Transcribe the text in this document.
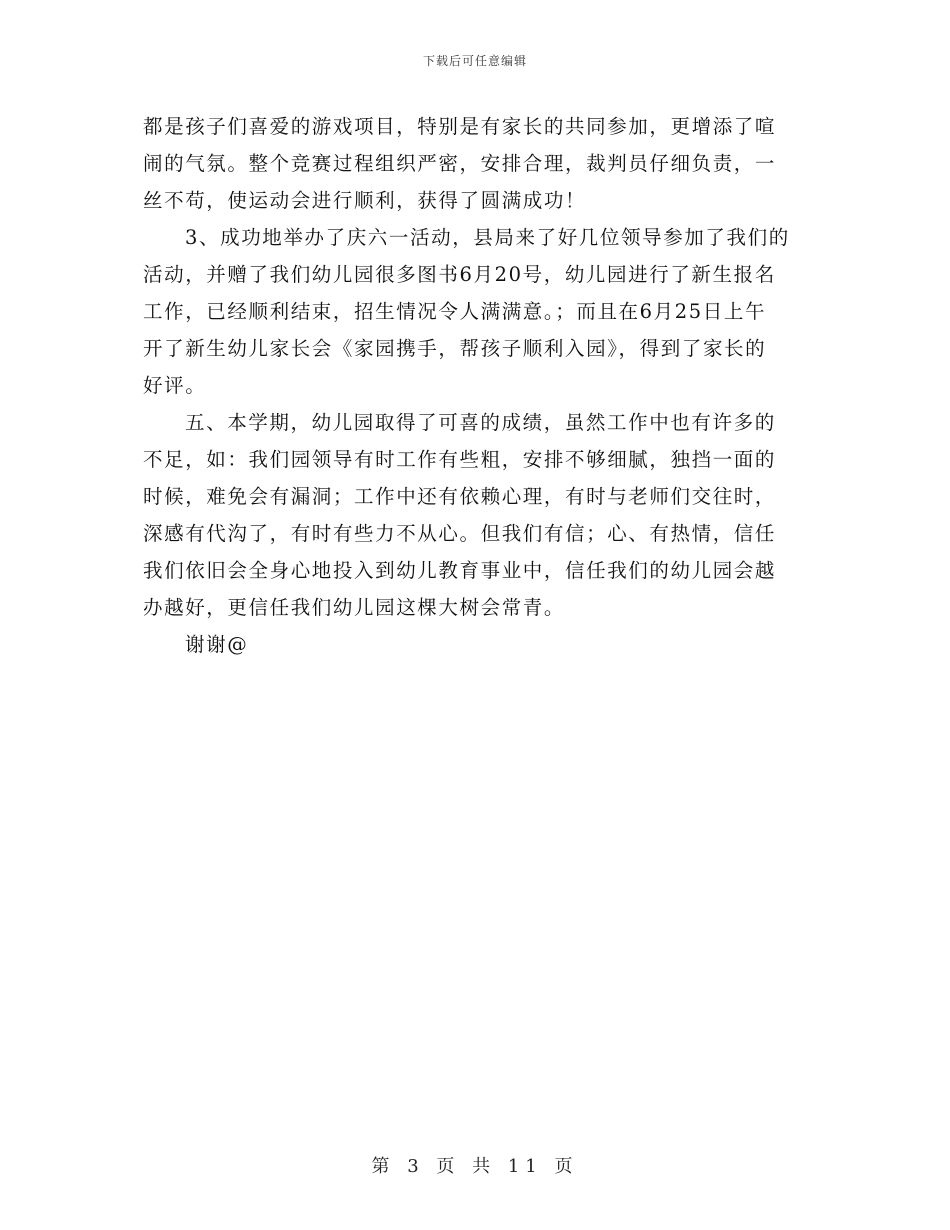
下载后可任意编辑
都是孩子们喜爱的游戏项目，特别是有家长的共同参加，更增添了喧
闹的气氛。整个竞赛过程组织严密，安排合理，裁判员仔细负责，一
丝不苟，使运动会进行顺利，获得了圆满成功！
3、成功地举办了庆六一活动，县局来了好几位领导参加了我们的
活动，并赠了我们幼儿园很多图书6月20号，幼儿园进行了新生报名
工作，已经顺利结束，招生情况令人满满意。；而且在6月25日上午
开了新生幼儿家长会《家园携手，帮孩子顺利入园》，得到了家长的
好评。
五、本学期，幼儿园取得了可喜的成绩，虽然工作中也有许多的
不足，如：我们园领导有时工作有些粗，安排不够细腻，独挡一面的
时候，难免会有漏洞；工作中还有依赖心理，有时与老师们交往时，
深感有代沟了，有时有些力不从心。但我们有信；心、有热情，信任
我们依旧会全身心地投入到幼儿教育事业中，信任我们的幼儿园会越
办越好，更信任我们幼儿园这棵大树会常青。
谢谢@
第 3 页 共 11 页
